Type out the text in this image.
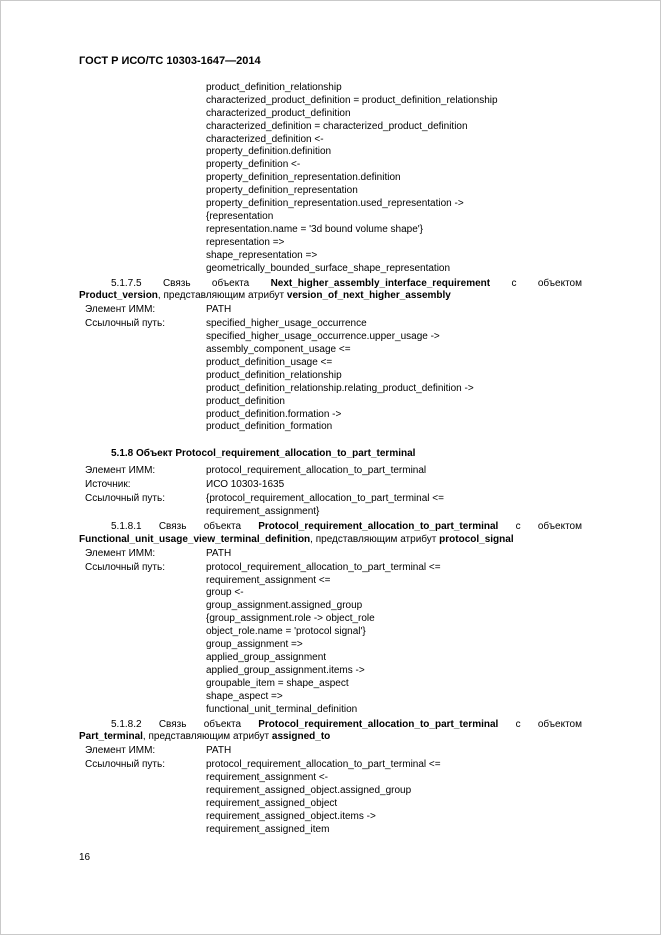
ГОСТ Р ИСО/ТС 10303-1647—2014
product_definition_relationship
characterized_product_definition = product_definition_relationship
characterized_product_definition
characterized_definition = characterized_product_definition
characterized_definition <-
property_definition.definition
property_definition <-
property_definition_representation.definition
property_definition_representation
property_definition_representation.used_representation ->
{representation
representation.name = '3d bound volume shape'}
representation =>
shape_representation =>
geometrically_bounded_surface_shape_representation
5.1.7.5 Связь объекта Next_higher_assembly_interface_requirement с объектом
Product_version, представляющим атрибут version_of_next_higher_assembly
Элемент ИММ:	PATH
Ссылочный путь:	specified_higher_usage_occurrence
specified_higher_usage_occurrence.upper_usage ->
assembly_component_usage <=
product_definition_usage <=
product_definition_relationship
product_definition_relationship.relating_product_definition ->
product_definition
product_definition.formation ->
product_definition_formation
5.1.8 Объект Protocol_requirement_allocation_to_part_terminal
Элемент ИММ:	protocol_requirement_allocation_to_part_terminal
Источник:	ИСО 10303-1635
Ссылочный путь:	{protocol_requirement_allocation_to_part_terminal <=
requirement_assignment}
5.1.8.1 Связь объекта Protocol_requirement_allocation_to_part_terminal с объектом
Functional_unit_usage_view_terminal_definition, представляющим атрибут protocol_signal
Элемент ИММ:	PATH
Ссылочный путь:	protocol_requirement_allocation_to_part_terminal <=
requirement_assignment <=
group <-
group_assignment.assigned_group
{group_assignment.role -> object_role
object_role.name = 'protocol signal'}
group_assignment =>
applied_group_assignment
applied_group_assignment.items ->
groupable_item = shape_aspect
shape_aspect =>
functional_unit_terminal_definition
5.1.8.2 Связь объекта Protocol_requirement_allocation_to_part_terminal с объектом
Part_terminal, представляющим атрибут assigned_to
Элемент ИММ:	PATH
Ссылочный путь:	protocol_requirement_allocation_to_part_terminal <=
requirement_assignment <-
requirement_assigned_object.assigned_group
requirement_assigned_object
requirement_assigned_object.items ->
requirement_assigned_item
16
